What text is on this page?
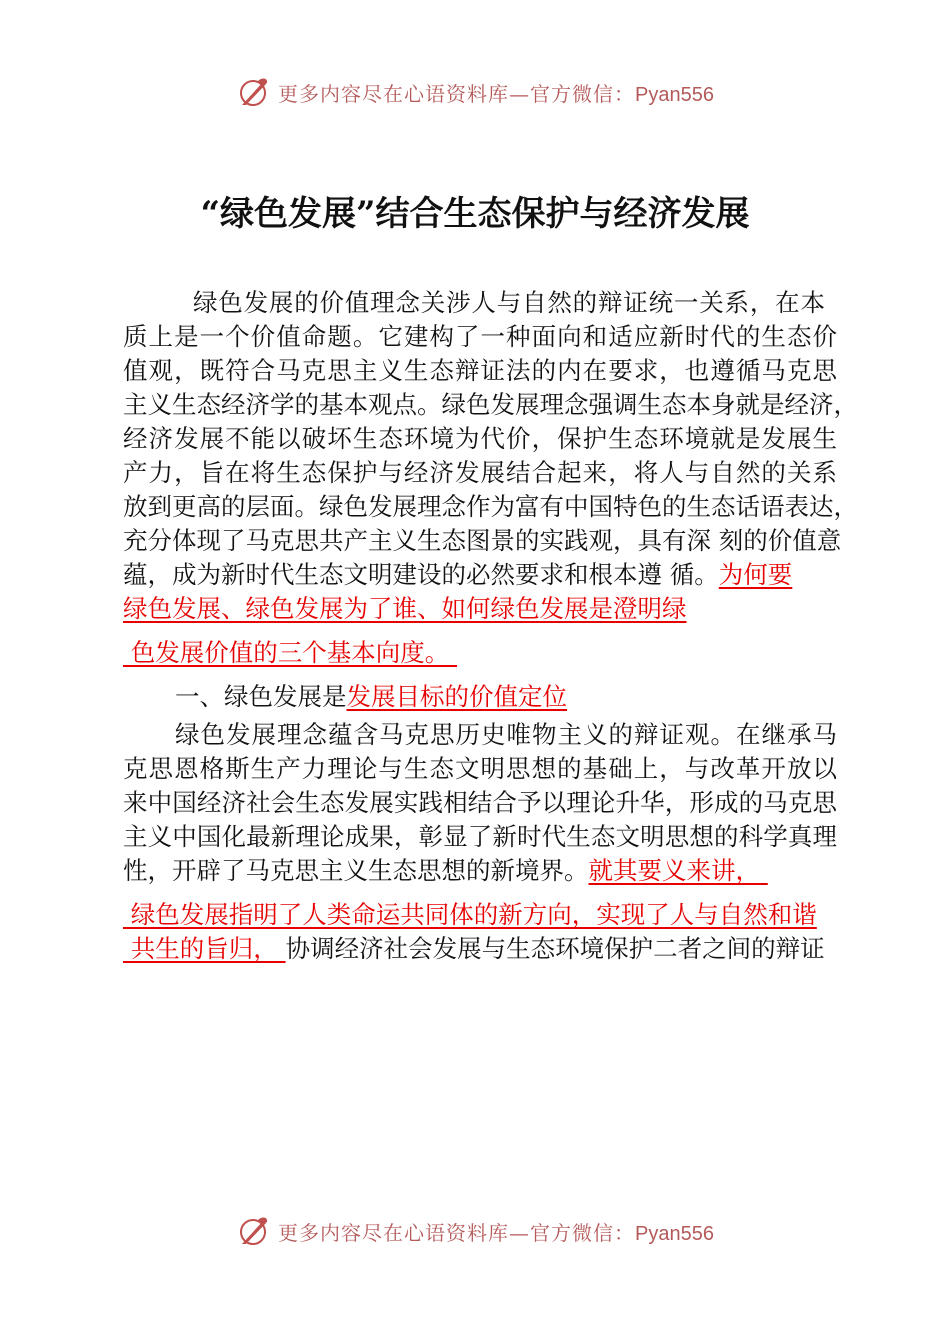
更多内容尽在心语资料库—官方微信：Pyan556
“绿色发展”结合生态保护与经济发展
绿色发展的价值理念关涉人与自然的辩证统一关系，在本
质上是一个价值命题。它建构了一种面向和适应新时代的生态价
值观，既符合马克思主义生态辩证法的内在要求，也遵循马克思
主义生态经济学的基本观点。绿色发展理念强调生态本身就是经济，
经济发展不能以破坏生态环境为代价，保护生态环境就是发展生
产力，旨在将生态保护与经济发展结合起来，将人与自然的关系
放到更高的层面。绿色发展理念作为富有中国特色的生态话语表达，
充分体现了马克思共产主义生态图景的实践观，具有深 刻的价值意
蕴，成为新时代生态文明建设的必然要求和根本遵 循。为何要
绿色发展、绿色发展为了谁、如何绿色发展是澄明绿
色发展价值的三个基本向度。
一、绿色发展是发展目标的价值定位
绿色发展理念蕴含马克思历史唯物主义的辩证观。在继承马
克思恩格斯生产力理论与生态文明思想的基础上，与改革开放以
来中国经济社会生态发展实践相结合予以理论升华，形成的马克思
主义中国化最新理论成果，彰显了新时代生态文明思想的科学真理
性，开辟了马克思主义生态思想的新境界。就其要义来讲，
绿色发展指明了人类命运共同体的新方向，实现了人与自然和谐
共生的旨归， 协调经济社会发展与生态环境保护二者之间的辩证
更多内容尽在心语资料库—官方微信：Pyan556
